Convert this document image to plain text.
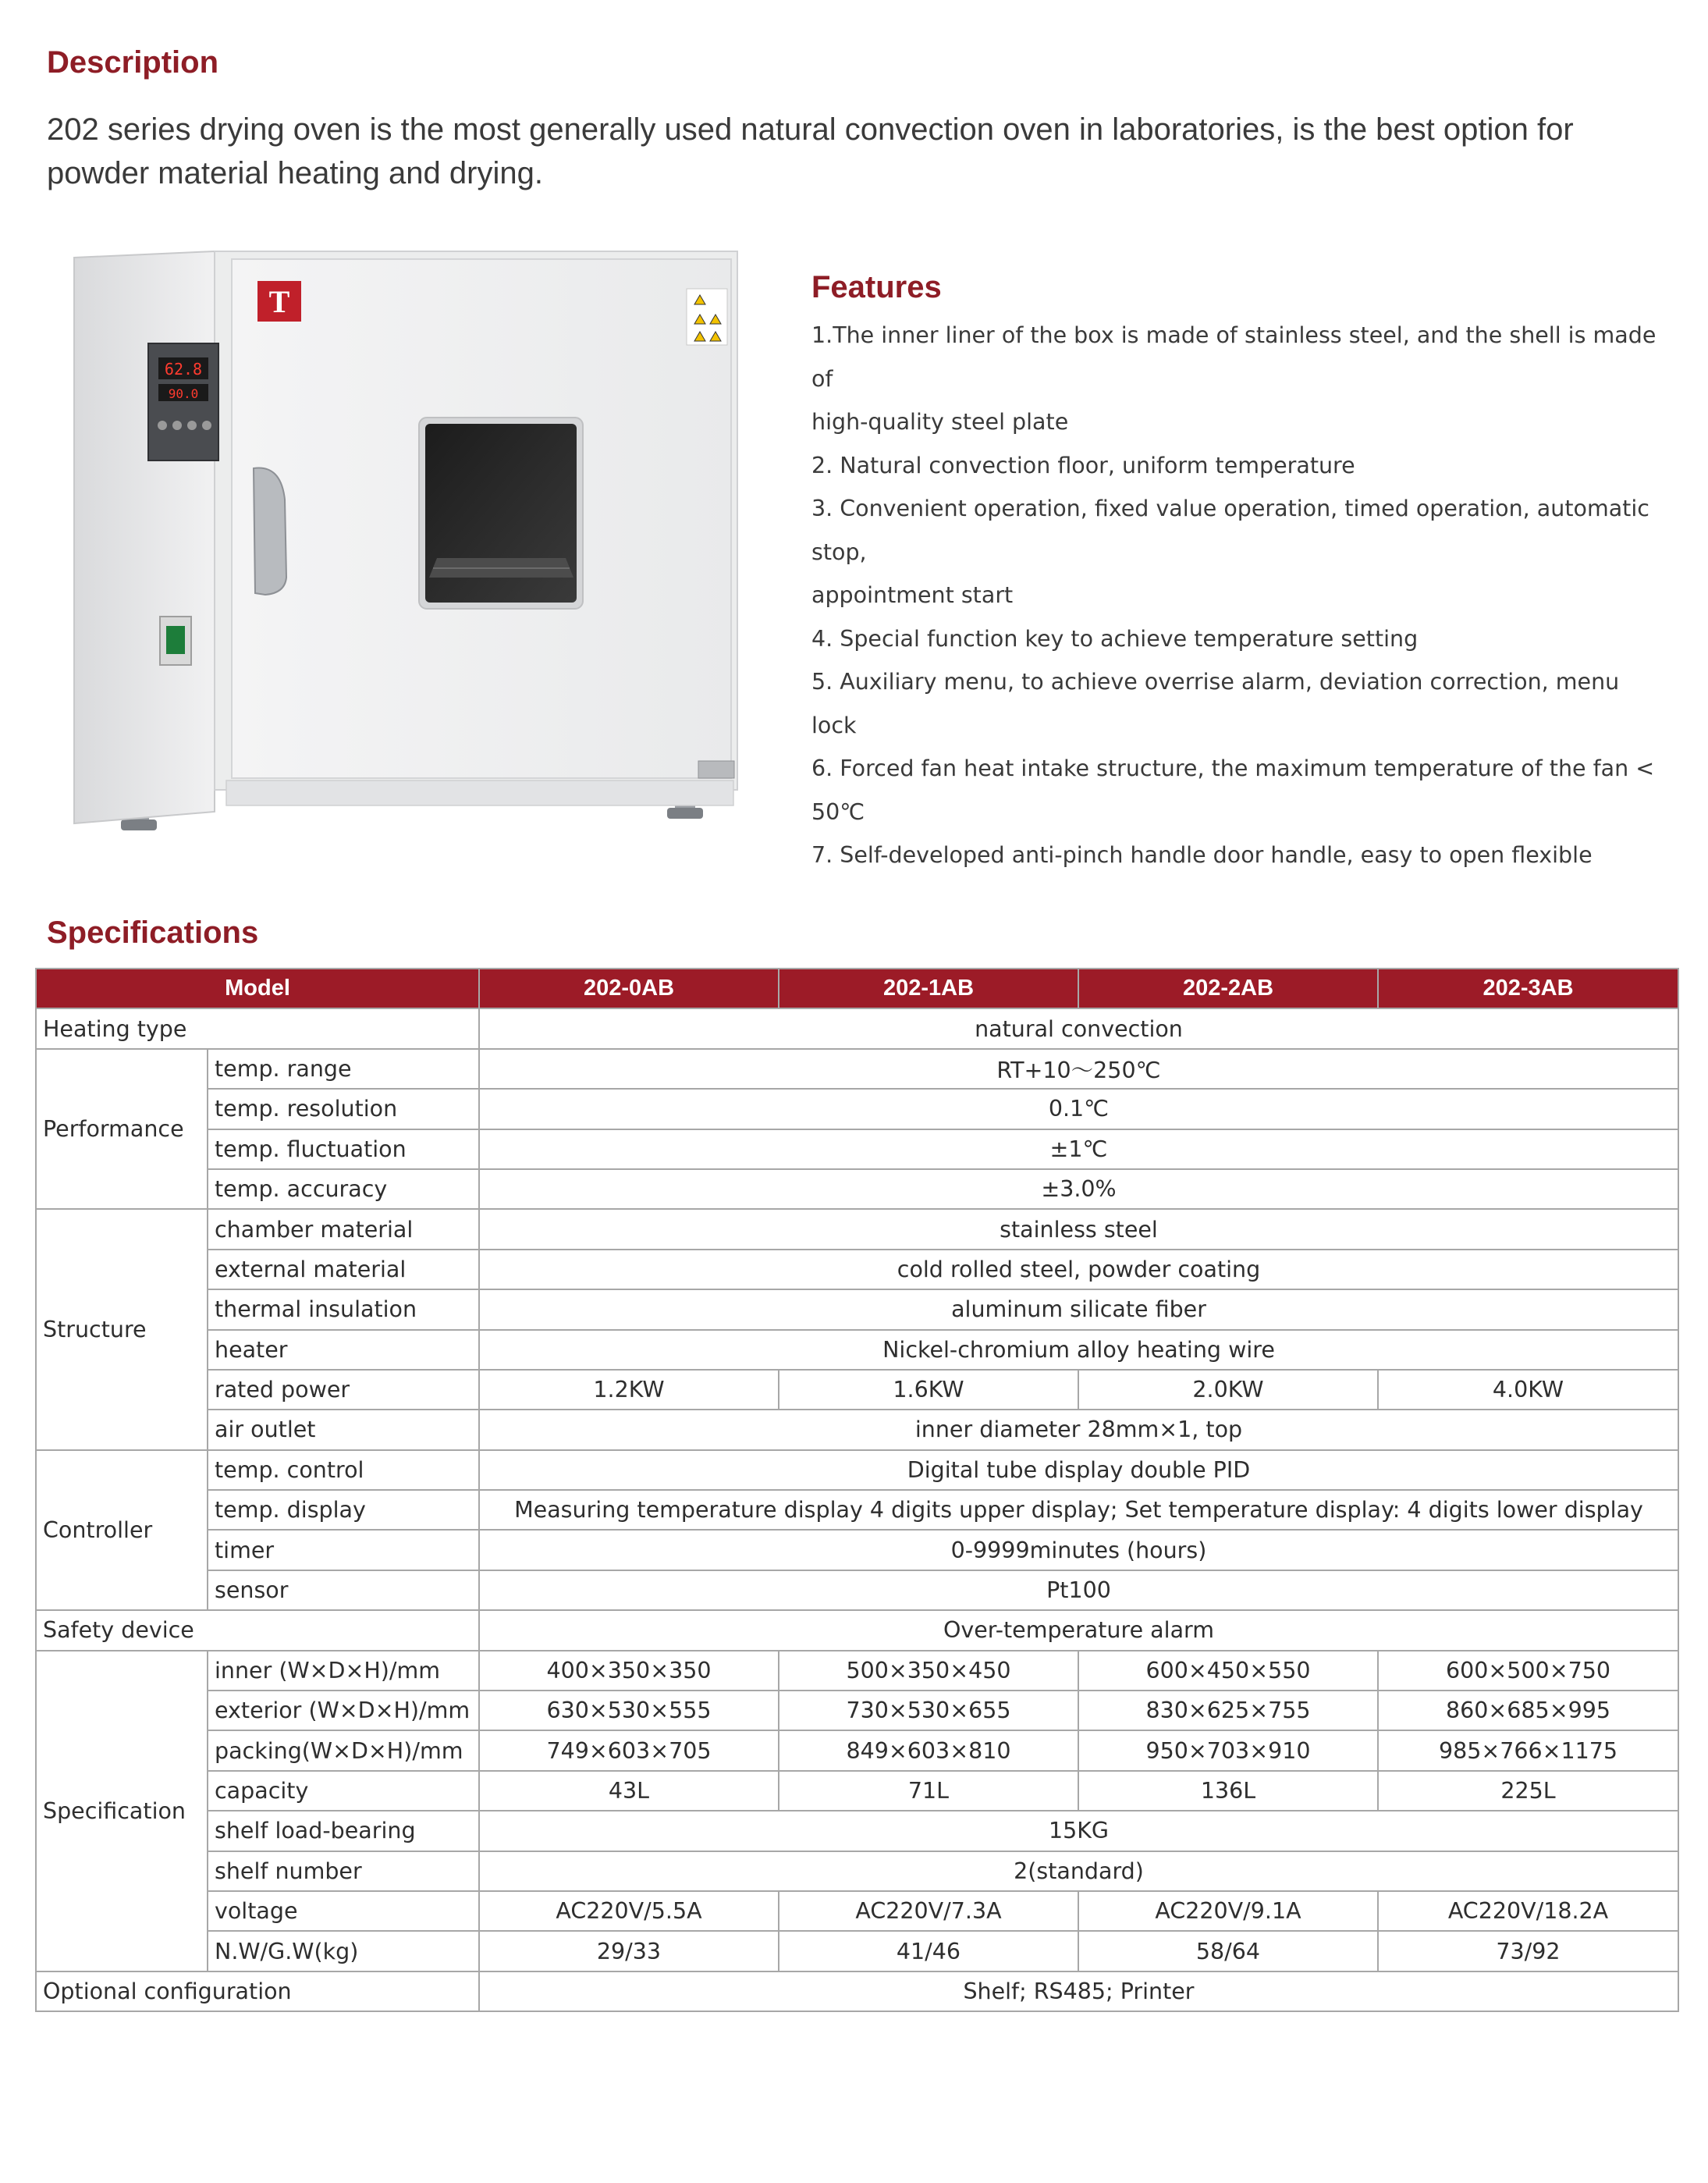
Description

202 series drying oven is the most generally used natural convection oven in laboratories, is the best option for powder material heating and drying.

T
62.8
90.0
Features
1.The inner liner of the box is made of stainless steel, and the shell is made of
high-quality steel plate
2. Natural convection floor, uniform temperature
3. Convenient operation, fixed value operation, timed operation, automatic stop,
appointment start
4. Special function key to achieve temperature setting
5. Auxiliary menu, to achieve overrise alarm, deviation correction, menu lock
6. Forced fan heat intake structure, the maximum temperature of the fan < 50℃
7. Self-developed anti-pinch handle door handle, easy to open flexible
Specifications
Model		202-0AB	202-1AB	202-2AB	202-3AB
Heating type		natural convection			
Performance	temp. range	RT+10～250℃			
	temp. resolution	0.1℃			
	temp. fluctuation	±1℃			
	temp. accuracy	±3.0%			
Structure	chamber material	stainless steel			
	external material	cold rolled steel, powder coating			
	thermal insulation	aluminum silicate fiber			
	heater	Nickel-chromium alloy heating wire			
	rated power	1.2KW	1.6KW	2.0KW	4.0KW
	air outlet	inner diameter 28mm×1, top			
Controller	temp. control	Digital tube display double PID			
	temp. display	Measuring temperature display 4 digits upper display; Set temperature display: 4 digits lower display			
	timer	0-9999minutes (hours)			
	sensor	Pt100			
Safety device		Over-temperature alarm			
Specification	inner (W×D×H)/mm	400×350×350	500×350×450	600×450×550	600×500×750
	exterior (W×D×H)/mm	630×530×555	730×530×655	830×625×755	860×685×995
	packing(W×D×H)/mm	749×603×705	849×603×810	950×703×910	985×766×1175
	capacity	43L	71L	136L	225L
	shelf load-bearing	15KG			
	shelf number	2(standard)			
	voltage	AC220V/5.5A	AC220V/7.3A	AC220V/9.1A	AC220V/18.2A
	N.W/G.W(kg)	29/33	41/46	58/64	73/92
Optional configuration		Shelf; RS485; Printer			
